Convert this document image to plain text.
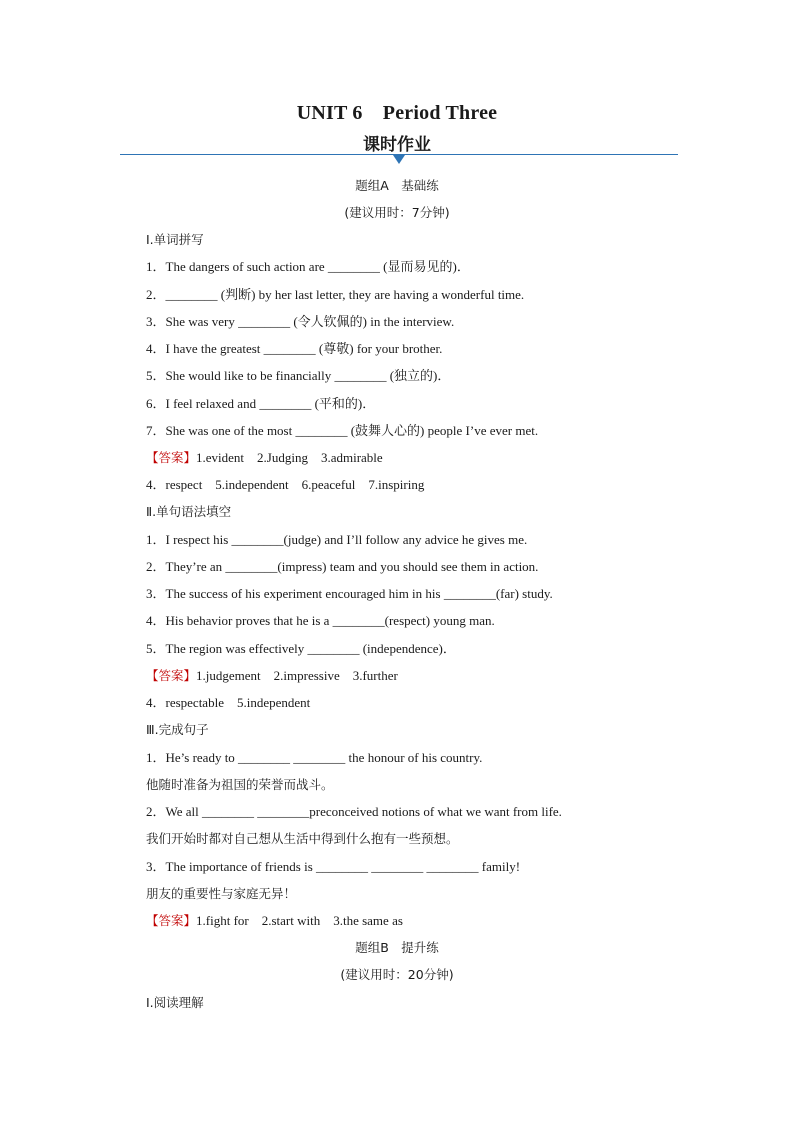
UNIT 6　Period Three
课时作业
题组A　基础练
(建议用时：7分钟)
Ⅰ.单词拼写
1．The dangers of such action are ________ (显而易见的)．
2．________ (判断) by her last letter, they are having a wonderful time.
3．She was very ________ (令人钦佩的) in the interview.
4．I have the greatest ________ (尊敬) for your brother.
5．She would like to be financially ________ (独立的)．
6．I feel relaxed and ________ (平和的)．
7．She was one of the most ________ (鼓舞人心的) people I’ve ever met.
【答案】1.evident　2.Judging　3.admirable
4．respect　5.independent　6.peaceful　7.inspiring
Ⅱ.单句语法填空
1．I respect his ________(judge) and I’ll follow any advice he gives me.
2．They’re an ________(impress) team and you should see them in action.
3．The success of his experiment encouraged him in his ________(far) study.
4．His behavior proves that he is a ________(respect) young man.
5．The region was effectively ________ (independence)．
【答案】1.judgement　2.impressive　3.further
4．respectable　5.independent
Ⅲ.完成句子
1．He’s ready to ________ ________ the honour of his country.
他随时准备为祖国的荣誉而战斗。
2．We all ________ ________preconceived notions of what we want from life.
我们开始时都对自己想从生活中得到什么抱有一些预想。
3．The importance of friends is ________ ________ ________ family!
朋友的重要性与家庭无异！
【答案】1.fight for　2.start with　3.the same as
题组B　提升练
(建议用时：20分钟)
Ⅰ.阅读理解
